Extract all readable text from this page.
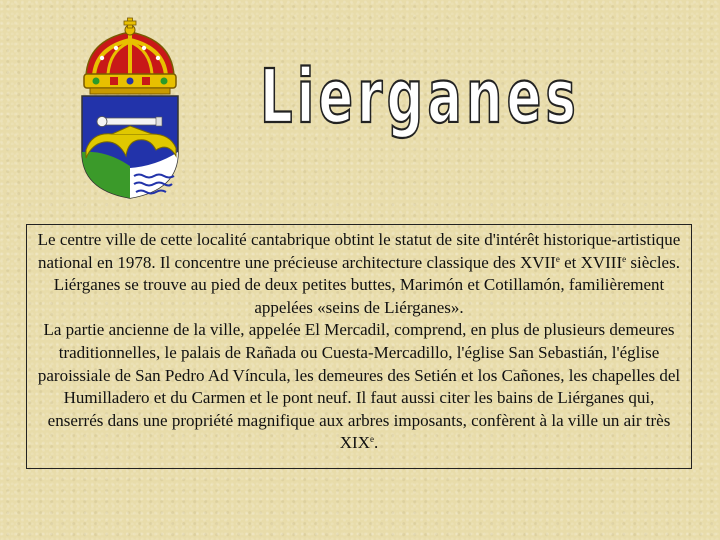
Lierganes

Le centre ville de cette localité cantabrique obtint le statut de site d'intérêt historique-artistique national en 1978. Il concentre une précieuse architecture classique des XVIIe et XVIIIe siècles. Liérganes se trouve au pied de deux petites buttes, Marimón et Cotillamón, familièrement appelées «seins de Liérganes».

La partie ancienne de la ville, appelée El Mercadil, comprend, en plus de plusieurs demeures traditionnelles, le palais de Rañada ou Cuesta-Mercadillo, l'église San Sebastián, l'église paroissiale de San Pedro Ad Víncula, les demeures des Setién et los Cañones, les chapelles del Humilladero et du Carmen et le pont neuf. Il faut aussi citer les bains de Liérganes qui, enserrés dans une propriété magnifique aux arbres imposants, confèrent à la ville un air très XIXe.
